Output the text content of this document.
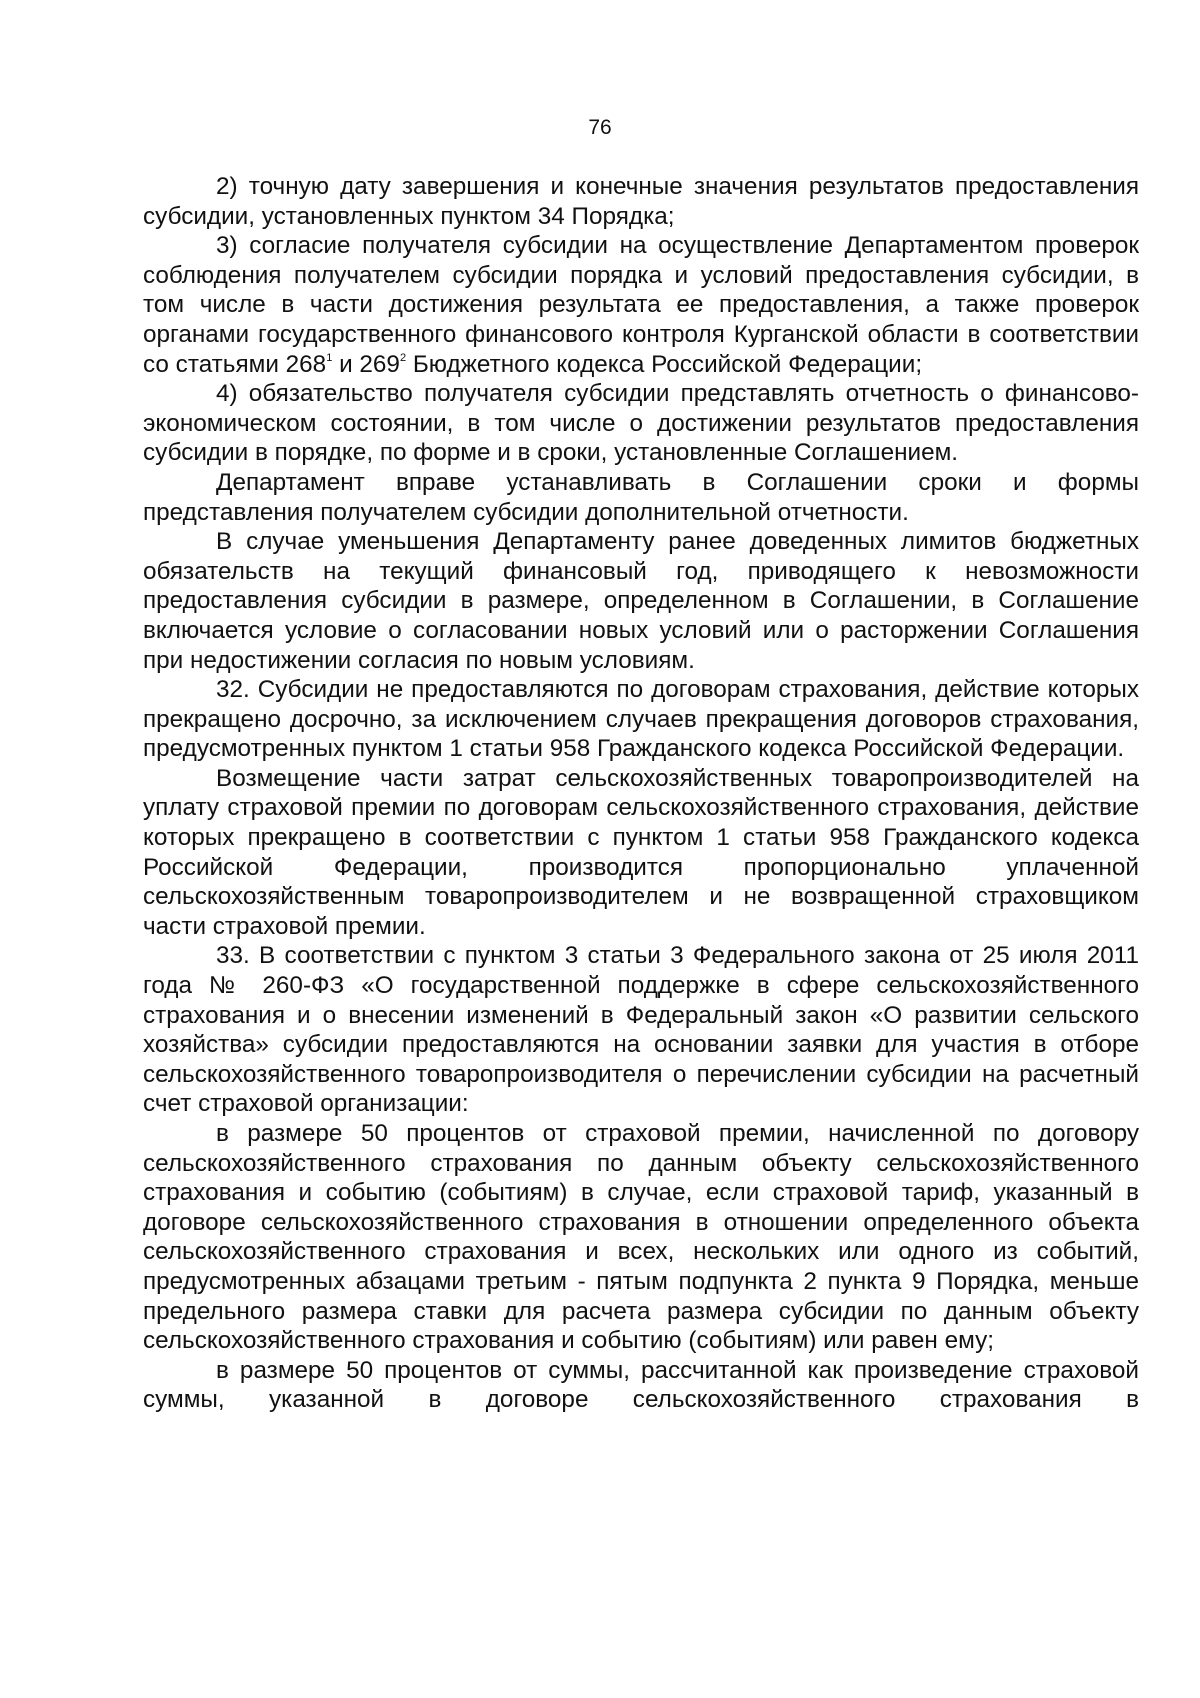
76

2) точную дату завершения и конечные значения результатов предоставления субсидии, установленных пунктом 34 Порядка;

3) согласие получателя субсидии на осуществление Департаментом проверок соблюдения получателем субсидии порядка и условий предоставления субсидии, в том числе в части достижения результата ее предоставления, а также проверок органами государственного финансового контроля Курганской области в соответствии со статьями $268^1$ и $269^2$ Бюджетного кодекса Российской Федерации;

4) обязательство получателя субсидии представлять отчетность о финансово-экономическом состоянии, в том числе о достижении результатов предоставления субсидии в порядке, по форме и в сроки, установленные Соглашением.

Департамент вправе устанавливать в Соглашении сроки и формы представления получателем субсидии дополнительной отчетности.

В случае уменьшения Департаменту ранее доведенных лимитов бюджетных обязательств на текущий финансовый год, приводящего к невозможности предоставления субсидии в размере, определенном в Соглашении, в Соглашение включается условие о согласовании новых условий или о расторжении Соглашения при недостижении согласия по новым условиям.

32. Субсидии не предоставляются по договорам страхования, действие которых прекращено досрочно, за исключением случаев прекращения договоров страхования, предусмотренных пунктом 1 статьи 958 Гражданского кодекса Российской Федерации.

Возмещение части затрат сельскохозяйственных товаропроизводителей на уплату страховой премии по договорам сельскохозяйственного страхования, действие которых прекращено в соответствии с пунктом 1 статьи 958 Гражданского кодекса Российской Федерации, производится пропорционально уплаченной сельскохозяйственным товаропроизводителем и не возвращенной страховщиком части страховой премии.

33. В соответствии с пунктом 3 статьи 3 Федерального закона от 25 июля 2011 года № 260-ФЗ «О государственной поддержке в сфере сельскохозяйственного страхования и о внесении изменений в Федеральный закон «О развитии сельского хозяйства» субсидии предоставляются на основании заявки для участия в отборе сельскохозяйственного товаропроизводителя о перечислении субсидии на расчетный счет страховой организации:

в размере 50 процентов от страховой премии, начисленной по договору сельскохозяйственного страхования по данным объекту сельскохозяйственного страхования и событию (событиям) в случае, если страховой тариф, указанный в договоре сельскохозяйственного страхования в отношении определенного объекта сельскохозяйственного страхования и всех, нескольких или одного из событий, предусмотренных абзацами третьим - пятым подпункта 2 пункта 9 Порядка, меньше предельного размера ставки для расчета размера субсидии по данным объекту сельскохозяйственного страхования и событию (событиям) или равен ему;

в размере 50 процентов от суммы, рассчитанной как произведение страховой суммы, указанной в договоре сельскохозяйственного страхования в
